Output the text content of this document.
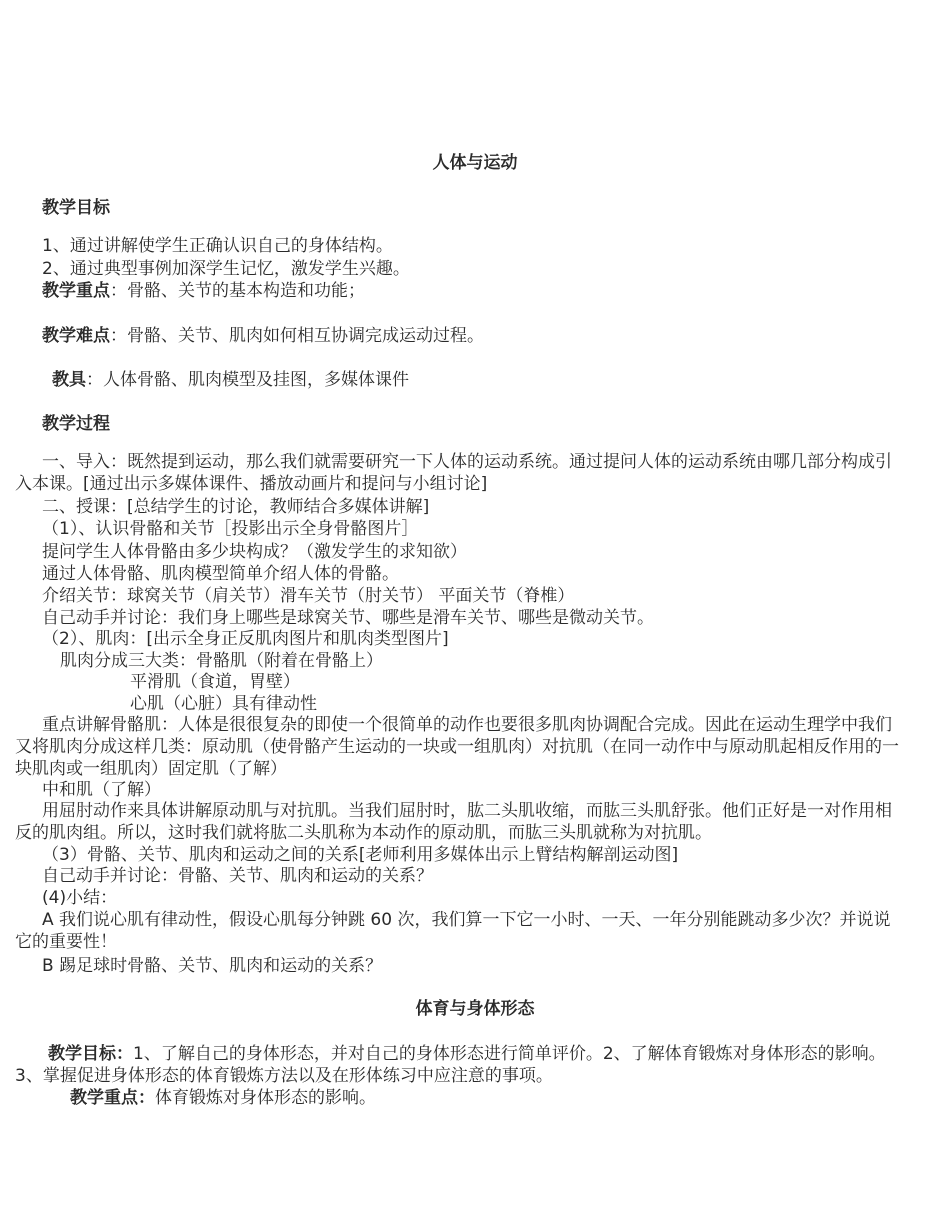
人体与运动
教学目标
1、通过讲解使学生正确认识自己的身体结构。
2、通过典型事例加深学生记忆，激发学生兴趣。
教学重点：骨骼、关节的基本构造和功能；
教学难点：骨骼、关节、肌肉如何相互协调完成运动过程。
教具：人体骨骼、肌肉模型及挂图，多媒体课件
教学过程
一、导入：既然提到运动，那么我们就需要研究一下人体的运动系统。通过提问人体的运动系统由哪几部分构成引入本课。[通过出示多媒体课件、播放动画片和提问与小组讨论]
二、授课：[总结学生的讨论，教师结合多媒体讲解]
（1）、认识骨骼和关节［投影出示全身骨骼图片］
提问学生人体骨骼由多少块构成？（激发学生的求知欲）
通过人体骨骼、肌肉模型简单介绍人体的骨骼。
介绍关节：球窝关节（肩关节）滑车关节（肘关节） 平面关节（脊椎）
自己动手并讨论：我们身上哪些是球窝关节、哪些是滑车关节、哪些是微动关节。
（2）、肌肉：[出示全身正反肌肉图片和肌肉类型图片]
肌肉分成三大类：骨骼肌（附着在骨骼上）
平滑肌（食道，胃壁）
心肌（心脏）具有律动性
重点讲解骨骼肌：人体是很很复杂的即使一个很简单的动作也要很多肌肉协调配合完成。因此在运动生理学中我们又将肌肉分成这样几类：原动肌（使骨骼产生运动的一块或一组肌肉）对抗肌（在同一动作中与原动肌起相反作用的一块肌肉或一组肌肉）固定肌（了解）
中和肌（了解）
用屈肘动作来具体讲解原动肌与对抗肌。当我们屈肘时，肱二头肌收缩，而肱三头肌舒张。他们正好是一对作用相反的肌肉组。所以，这时我们就将肱二头肌称为本动作的原动肌，而肱三头肌就称为对抗肌。
（3）骨骼、关节、肌肉和运动之间的关系[老师利用多媒体出示上臂结构解剖运动图]
自己动手并讨论：骨骼、关节、肌肉和运动的关系？
(4)小结：
A 我们说心肌有律动性，假设心肌每分钟跳 60 次，我们算一下它一小时、一天、一年分别能跳动多少次？并说说它的重要性！
B 踢足球时骨骼、关节、肌肉和运动的关系？
体育与身体形态
教学目标：1、了解自己的身体形态，并对自己的身体形态进行简单评价。2、了解体育锻炼对身体形态的影响。3、掌握促进身体形态的体育锻炼方法以及在形体练习中应注意的事项。
教学重点：体育锻炼对身体形态的影响。
